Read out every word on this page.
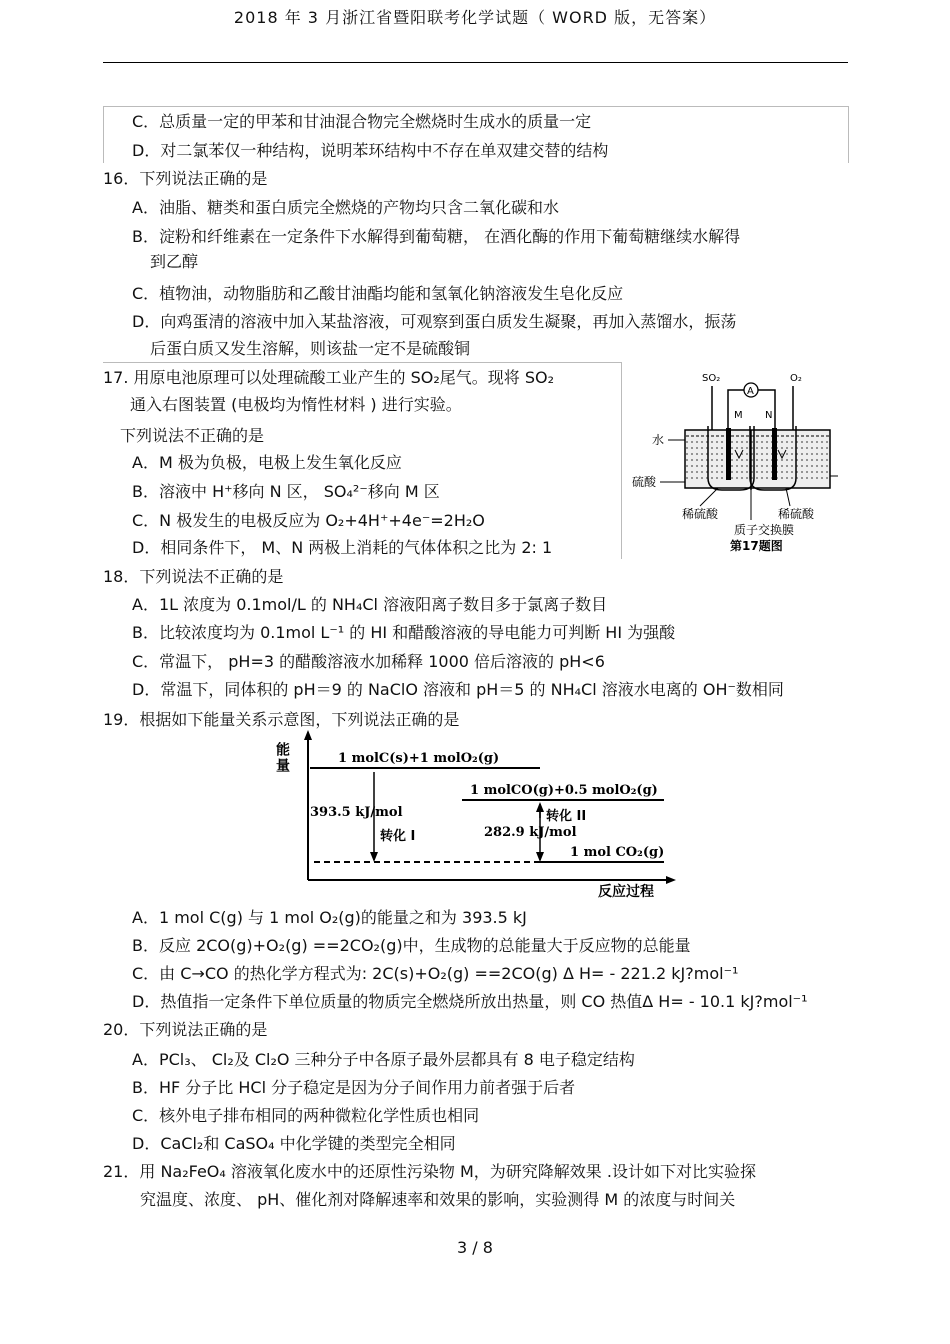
2018 年 3 月浙江省暨阳联考化学试题（ WORD 版，无答案）
C．总质量一定的甲苯和甘油混合物完全燃烧时生成水的质量一定
D．对二氯苯仅一种结构，说明苯环结构中不存在单双建交替的结构
16．下列说法正确的是
A．油脂、糖类和蛋白质完全燃烧的产物均只含二氧化碳和水
B．淀粉和纤维素在一定条件下水解得到葡萄糖， 在酒化酶的作用下葡萄糖继续水解得
到乙醇
C．植物油，动物脂肪和乙酸甘油酯均能和氢氧化钠溶液发生皂化反应
D．向鸡蛋清的溶液中加入某盐溶液，可观察到蛋白质发生凝聚，再加入蒸馏水，振荡
后蛋白质又发生溶解，则该盐一定不是硫酸铜
17. 用原电池原理可以处理硫酸工业产生的 SO₂尾气。现将 SO₂
通入右图装置 (电极均为惰性材料 ) 进行实验。
下列说法不正确的是
A．M 极为负极，电极上发生氧化反应
B．溶液中 H⁺移向 N 区， SO₄²⁻移向 M 区
C．N 极发生的电极反应为 O₂+4H⁺+4e⁻=2H₂O
D．相同条件下， M、N 两极上消耗的气体体积之比为 2: 1
SO₂	O₂
A
M N
水
硫酸
稀硫酸	稀硫酸
质子交换膜
第17题图
18．下列说法不正确的是
A．1L 浓度为 0.1mol/L 的 NH₄Cl 溶液阳离子数目多于氯离子数目
B．比较浓度均为 0.1mol L⁻¹ 的 HI 和醋酸溶液的导电能力可判断 HI 为强酸
C．常温下， pH=3 的醋酸溶液水加稀释 1000 倍后溶液的 pH<6
D．常温下，同体积的 pH＝9 的 NaClO 溶液和 pH＝5 的 NH₄Cl 溶液水电离的 OH⁻数相同
19．根据如下能量关系示意图，下列说法正确的是
能量
反应过程
1 molC(s)+1 molO₂(g)
1 molCO(g)+0.5 molO₂(g)
1 mol CO₂(g)
393.5 kJ/mol
转化 I	282.9 kJ/mol
转化 II
A．1 mol C(g) 与 1 mol O₂(g)的能量之和为 393.5 kJ
B．反应 2CO(g)+O₂(g) ==2CO₂(g)中，生成物的总能量大于反应物的总能量
C．由 C→CO 的热化学方程式为: 2C(s)+O₂(g) ==2CO(g) Δ H= - 221.2 kJ?mol⁻¹
D．热值指一定条件下单位质量的物质完全燃烧所放出热量，则 CO 热值Δ H= - 10.1 kJ?mol⁻¹
20．下列说法正确的是
A．PCl₃、 Cl₂及 Cl₂O 三种分子中各原子最外层都具有 8 电子稳定结构
B．HF 分子比 HCl 分子稳定是因为分子间作用力前者强于后者
C．核外电子排布相同的两种微粒化学性质也相同
D．CaCl₂和 CaSO₄ 中化学键的类型完全相同
21．用 Na₂FeO₄ 溶液氧化废水中的还原性污染物 M，为研究降解效果 .设计如下对比实验探
究温度、浓度、 pH、催化剂对降解速率和效果的影响，实验测得 M 的浓度与时间关
3 / 8
